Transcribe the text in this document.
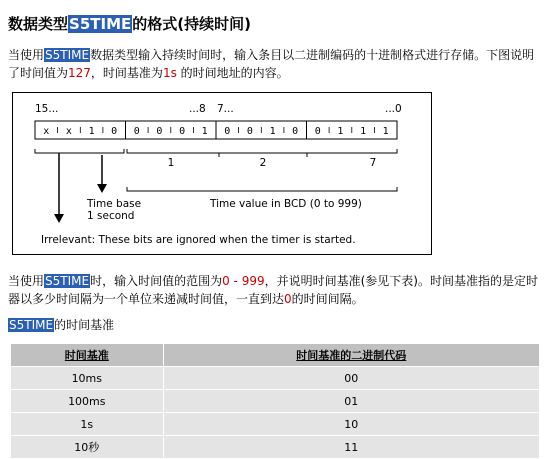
数据类型S5TIME的格式(持续时间)
当使用S5TIME数据类型输入持续时间时，输入条目以二进制编码的十进制格式进行存储。下图说明了时间值为127，时间基准为1s 的时间地址的内容。
15...	...8 7...	...0
x x 1 0 0 0 0 1 0 0 1 0 0 1 1 1
1	2	7
Time base
1 second
Time value in BCD (0 to 999)
Irrelevant: These bits are ignored when the timer is started.
当使用S5TIME时，输入时间值的范围为0 - 999，并说明时间基准(参见下表)。时间基准指的是定时器以多少时间隔为一个单位来递减时间值，一直到达0的时间间隔。
S5TIME的时间基准
时间基准	时间基准的二进制代码
10ms	00
100ms	01
1s	10
10秒	11
